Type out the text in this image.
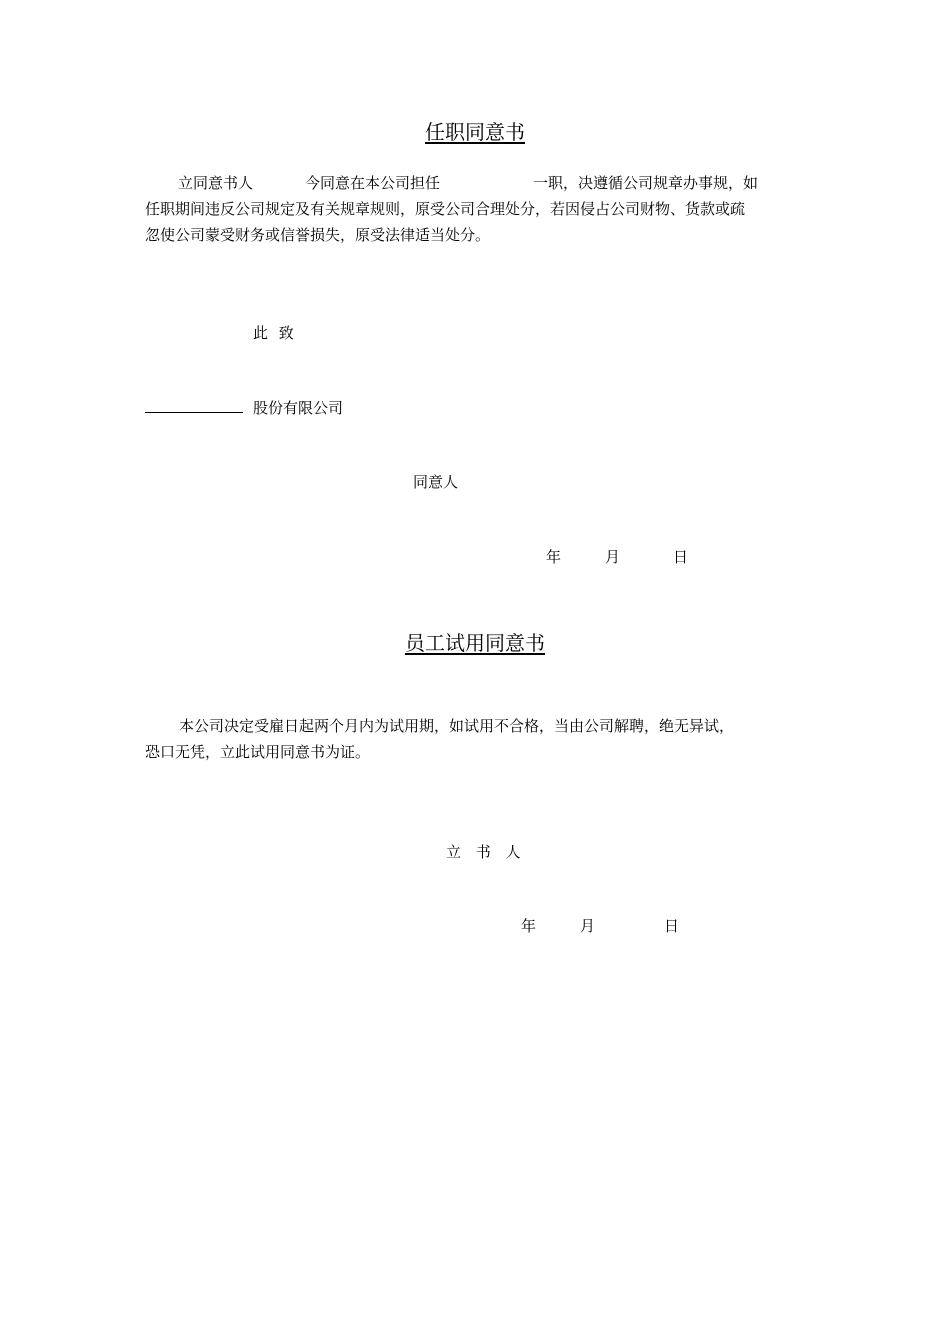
任职同意书
立同意书人	今同意在本公司担任	一职，决遵循公司规章办事规，如
任职期间违反公司规定及有关规章规则，原受公司合理处分，若因侵占公司财物、货款或疏
忽使公司蒙受财务或信誉损失，原受法律适当处分。
此 致
股份有限公司
同意人
年	月	日
员工试用同意书
本公司决定受雇日起两个月内为试用期，如试用不合格，当由公司解聘，绝无异试，
恐口无凭，立此试用同意书为证。
立 书 人
年	月	日
